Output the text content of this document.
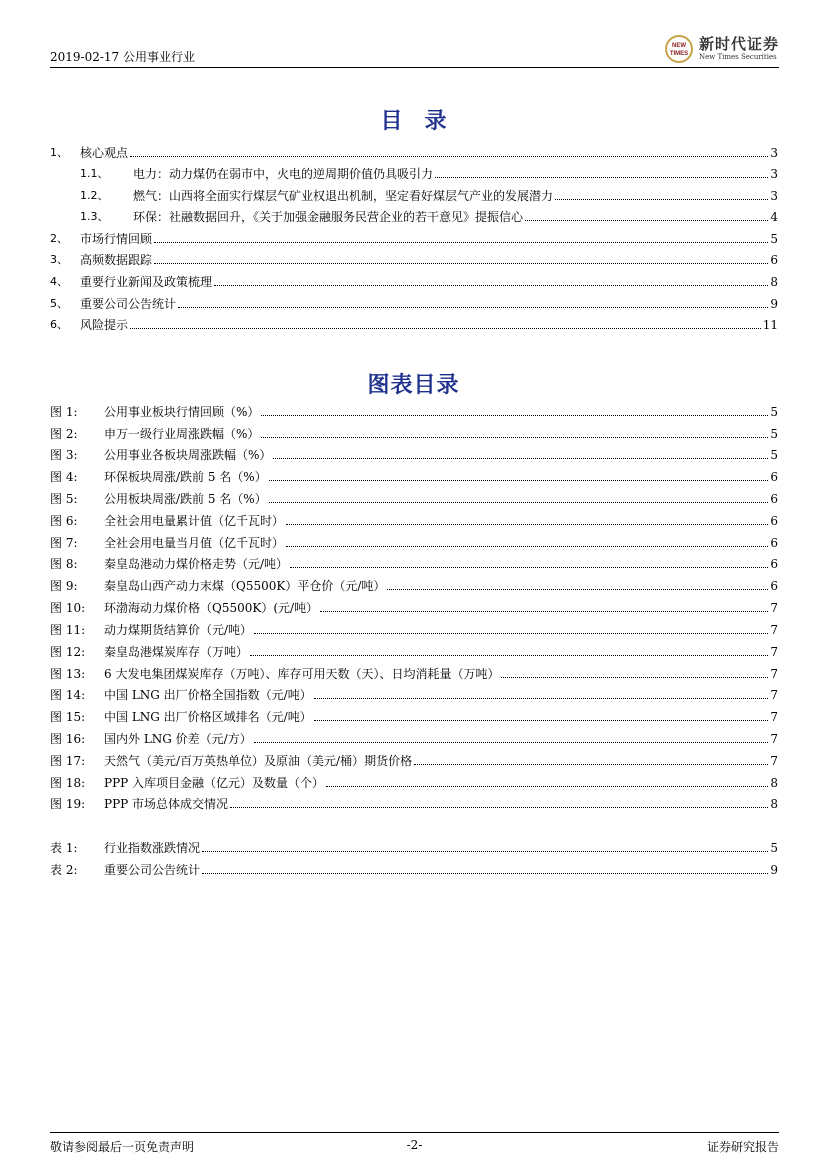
2019-02-17 公用事业行业
NEW
TIMES
新时代证券
New Times Securities
目录
1、	核心观点	3
1.1、	电力：动力煤仍在弱市中，火电的逆周期价值仍具吸引力	3
1.2、	燃气：山西将全面实行煤层气矿业权退出机制，坚定看好煤层气产业的发展潜力	3
1.3、	环保：社融数据回升，《关于加强金融服务民营企业的若干意见》提振信心	4
2、	市场行情回顾	5
3、	高频数据跟踪	6
4、	重要行业新闻及政策梳理	8
5、	重要公司公告统计	9
6、	风险提示	11
图表目录
图 1:	公用事业板块行情回顾（%）	5
图 2:	申万一级行业周涨跌幅（%）	5
图 3:	公用事业各板块周涨跌幅（%）	5
图 4:	环保板块周涨/跌前 5 名（%）	6
图 5:	公用板块周涨/跌前 5 名（%）	6
图 6:	全社会用电量累计值（亿千瓦时）	6
图 7:	全社会用电量当月值（亿千瓦时）	6
图 8:	秦皇岛港动力煤价格走势（元/吨）	6
图 9:	秦皇岛山西产动力末煤（Q5500K）平仓价（元/吨）	6
图 10:	环渤海动力煤价格（Q5500K）(元/吨）	7
图 11:	动力煤期货结算价（元/吨）	7
图 12:	秦皇岛港煤炭库存（万吨）	7
图 13:	6 大发电集团煤炭库存（万吨）、库存可用天数（天）、日均消耗量（万吨）	7
图 14:	中国 LNG 出厂价格全国指数（元/吨）	7
图 15:	中国 LNG 出厂价格区域排名（元/吨）	7
图 16:	国内外 LNG 价差（元/方）	7
图 17:	天然气（美元/百万英热单位）及原油（美元/桶）期货价格	7
图 18:	PPP 入库项目金融（亿元）及数量（个）	8
图 19:	PPP 市场总体成交情况	8
表 1:	行业指数涨跌情况	5
表 2:	重要公司公告统计	9
敬请参阅最后一页免责声明	-2-	证券研究报告
